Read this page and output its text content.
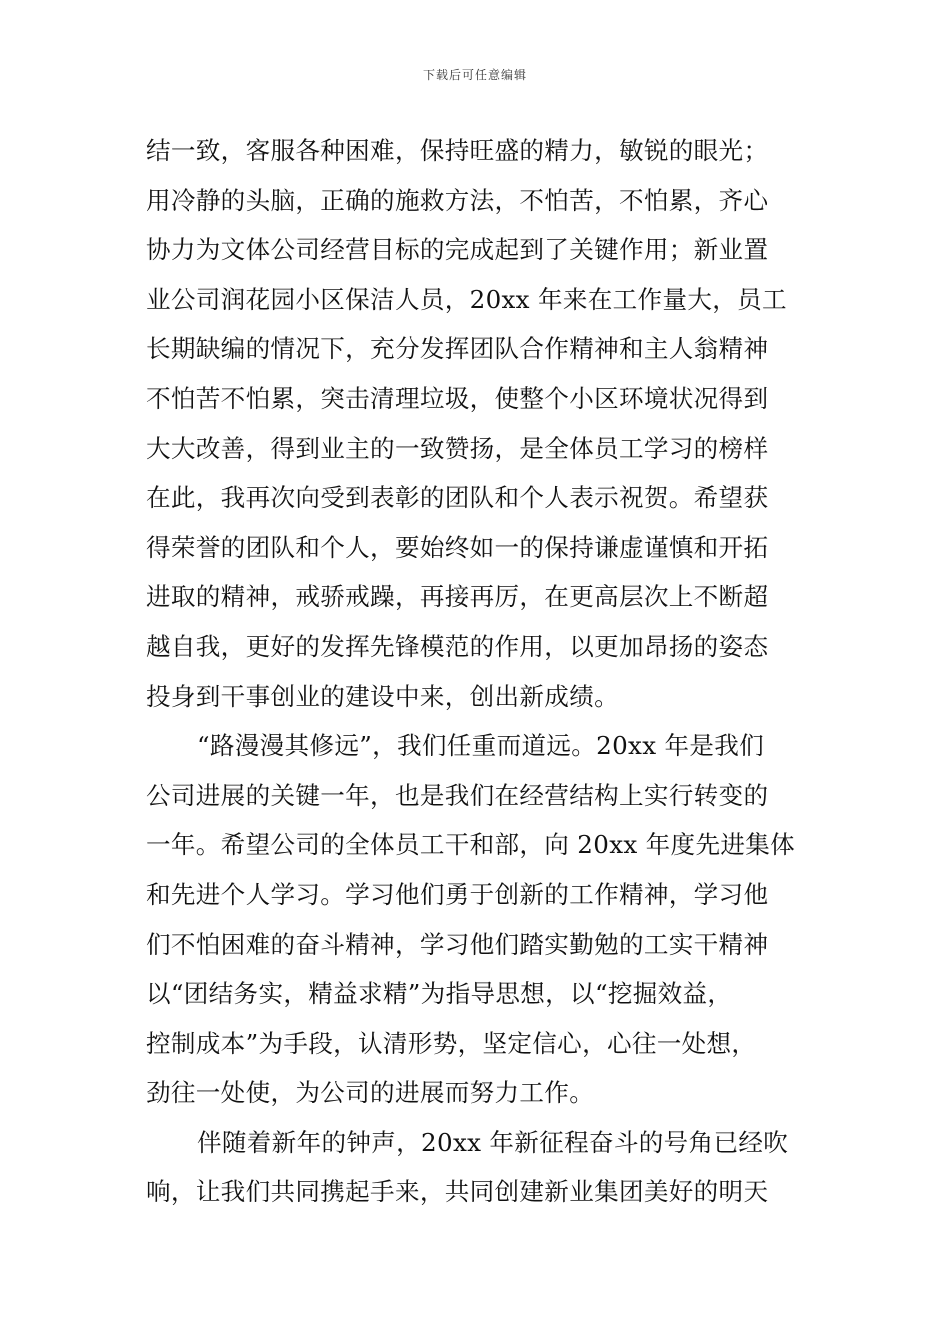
下载后可任意编辑
结一致，客服各种困难，保持旺盛的精力，敏锐的眼光；
用冷静的头脑，正确的施救方法，不怕苦，不怕累，齐心
协力为文体公司经营目标的完成起到了关键作用；新业置
业公司润花园小区保洁人员，20xx 年来在工作量大，员工
长期缺编的情况下，充分发挥团队合作精神和主人翁精神
不怕苦不怕累，突击清理垃圾，使整个小区环境状况得到
大大改善，得到业主的一致赞扬，是全体员工学习的榜样
在此，我再次向受到表彰的团队和个人表示祝贺。希望获
得荣誉的团队和个人，要始终如一的保持谦虚谨慎和开拓
进取的精神，戒骄戒躁，再接再厉，在更高层次上不断超
越自我，更好的发挥先锋模范的作用，以更加昂扬的姿态
投身到干事创业的建设中来，创出新成绩。
“路漫漫其修远”，我们任重而道远。20xx 年是我们
公司进展的关键一年，也是我们在经营结构上实行转变的
一年。希望公司的全体员工干和部，向 20xx 年度先进集体
和先进个人学习。学习他们勇于创新的工作精神，学习他
们不怕困难的奋斗精神，学习他们踏实勤勉的工实干精神
以“团结务实，精益求精”为指导思想，以“挖掘效益，
控制成本”为手段，认清形势，坚定信心，心往一处想，
劲往一处使，为公司的进展而努力工作。
伴随着新年的钟声，20xx 年新征程奋斗的号角已经吹
响，让我们共同携起手来，共同创建新业集团美好的明天
